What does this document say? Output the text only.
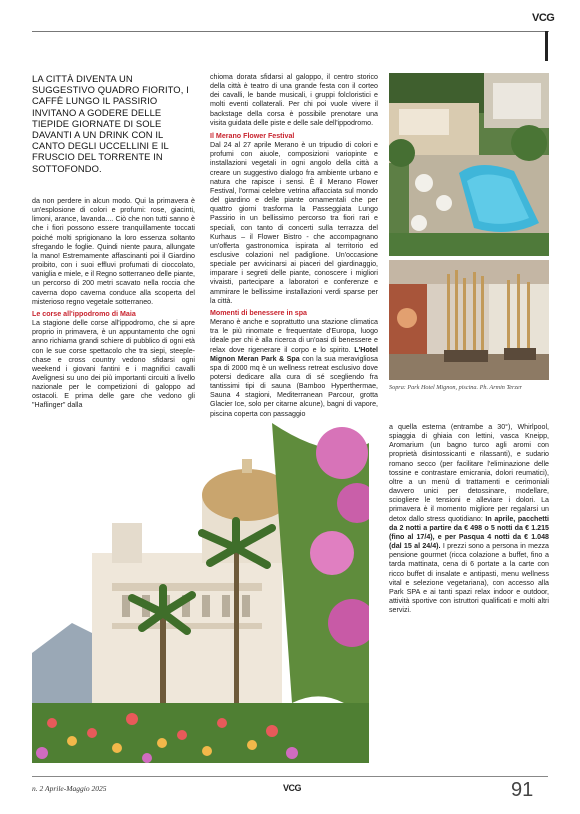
VCG
LA CITTÀ DIVENTA UN SUGGESTIVO QUADRO FIORITO, I CAFFÈ LUNGO IL PASSIRIO INVITANO A GODERE DELLE TIEPIDE GIORNATE DI SOLE DAVANTI A UN DRINK CON IL CANTO DEGLI UCCELLINI E IL FRUSCIO DEL TORRENTE IN SOTTOFONDO.

da non perdere in alcun modo. Qui la primavera è un'esplosione di colori e profumi: rose, giacinti, limoni, arance, lavanda.... Ciò che non tutti sanno è che i fiori possono essere tranquillamente toccati poiché molti sprigionano la loro essenza soltanto sfregando le foglie. Quindi niente paura, allungate la mano! Estremamente affascinanti poi il Giardino proibito, con i suoi effluvi profumati di cioccolato, vaniglia e miele, e il Regno sotterraneo delle piante, un percorso di 200 metri scavato nella roccia che caverna dopo caverna conduce alla scoperta del misterioso regno vegetale sotterraneo.

Le corse all'ippodromo di Maia

La stagione delle corse all'ippodromo, che si apre proprio in primavera, è un appuntamento che ogni anno richiama grandi schiere di pubblico di ogni età con le sue corse spettacolo che tra siepi, steeple-chase e cross country vedono sfidarsi ogni weekend i giovani fantini e i magnifici cavalli Avelignesi su uno dei più importanti circuiti a livello nazionale per le competizioni di galoppo ad ostacoli. E prima delle gare che vedono gli "Haflinger" dalla

chioma dorata sfidarsi al galoppo, il centro storico della città è teatro di una grande festa con il corteo dei cavalli, le bande musicali, i gruppi folcloristici e molti eventi collaterali. Per chi poi vuole vivere il backstage della corsa è possibile prenotare una visita guidata delle piste e delle sale dell'ippodromo.

Il Merano Flower Festival

Dal 24 al 27 aprile Merano è un tripudio di colori e profumi con aiuole, composizioni variopinte e installazioni vegetali in ogni angolo della città a creare un suggestivo dialogo fra ambiente urbano e natura che rapisce i sensi. È il Merano Flower Festival, l'ormai celebre vetrina affacciata sul mondo del giardino e delle piante ornamentali che per quattro giorni trasforma la Passeggiata Lungo Passirio in un bellissimo percorso tra fiori rari e speciali, con tanto di concerti sulla terrazza del Kurhaus – il Flower Bistro - che accompagnano un'offerta gastronomica ispirata al territorio ed esclusive colazioni nel padiglione. Un'occasione speciale per avvicinarsi ai piaceri del giardinaggio, imparare i segreti delle piante, conoscere i migliori vivaisti, partecipare a laboratori e conferenze e ammirare le bellissime installazioni verdi sparse per la città.

Momenti di benessere in spa

Merano è anche e soprattutto una stazione climatica tra le più rinomate e frequentate d'Europa, luogo ideale per chi è alla ricerca di un'oasi di benessere e relax dove rigenerare il corpo e lo spirito. L'Hotel Mignon Meran Park & Spa con la sua meravigliosa spa di 2000 mq è un wellness retreat esclusivo dove potersi dedicare alla cura di sé scegliendo fra tantissimi tipi di sauna (Bamboo Hyperthermae, Sauna 4 stagioni, Mediterranean Parcour, grotta Glacier Ice, solo per citarne alcune), bagni di vapore, piscina coperta con passaggio

Sopra: Park Hotel Mignon, piscina. Ph. Armin Terzer

a quella esterna (entrambe a 30°), Whirlpool, spiaggia di ghiaia con lettini, vasca Kneipp, Aromarium (un bagno turco agli aromi con proprietà disintossicanti e rilassanti), e sudario romano secco (per facilitare l'eliminazione delle tossine e contrastare emicrania, dolori reumatici), oltre a un menù di trattamenti e cerimoniali davvero unici per detossinare, modellare, sciogliere le tensioni e alleviare i dolori. La primavera è il momento migliore per regalarsi un detox dallo stress quotidiano: In aprile, pacchetti da 2 notti a partire da € 498 o 5 notti da € 1.215 (fino al 17/4), e per Pasqua 4 notti da € 1.048 (dal 15 al 24/4). I prezzi sono a persona in mezza pensione gourmet (ricca colazione a buffet, fino a tarda mattinata, cena di 6 portate a la carte con ricco buffet di insalate e antipasti, menu wellness vital e selezione vegetariana), con accesso alla Park SPA e ai tanti spazi relax indoor e outdoor, attività sportive con istruttori qualificati e molti altri servizi.

n. 2 Aprile-Maggio 2025	VCG	91
